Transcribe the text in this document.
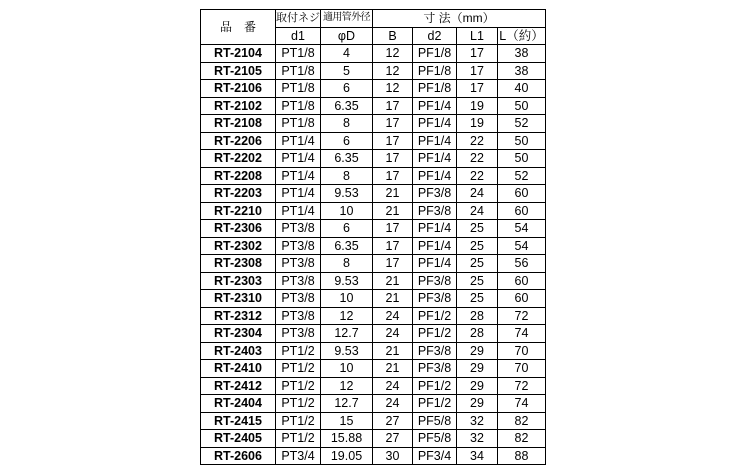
品　番	取付ネジ	適用管外径	寸 法（mm）			
	d1	φD	B	d2	L1	L（約）
RT-2104	PT1/8	4	12	PF1/8	17	38
RT-2105	PT1/8	5	12	PF1/8	17	38
RT-2106	PT1/8	6	12	PF1/8	17	40
RT-2102	PT1/8	6.35	17	PF1/4	19	50
RT-2108	PT1/8	8	17	PF1/4	19	52
RT-2206	PT1/4	6	17	PF1/4	22	50
RT-2202	PT1/4	6.35	17	PF1/4	22	50
RT-2208	PT1/4	8	17	PF1/4	22	52
RT-2203	PT1/4	9.53	21	PF3/8	24	60
RT-2210	PT1/4	10	21	PF3/8	24	60
RT-2306	PT3/8	6	17	PF1/4	25	54
RT-2302	PT3/8	6.35	17	PF1/4	25	54
RT-2308	PT3/8	8	17	PF1/4	25	56
RT-2303	PT3/8	9.53	21	PF3/8	25	60
RT-2310	PT3/8	10	21	PF3/8	25	60
RT-2312	PT3/8	12	24	PF1/2	28	72
RT-2304	PT3/8	12.7	24	PF1/2	28	74
RT-2403	PT1/2	9.53	21	PF3/8	29	70
RT-2410	PT1/2	10	21	PF3/8	29	70
RT-2412	PT1/2	12	24	PF1/2	29	72
RT-2404	PT1/2	12.7	24	PF1/2	29	74
RT-2415	PT1/2	15	27	PF5/8	32	82
RT-2405	PT1/2	15.88	27	PF5/8	32	82
RT-2606	PT3/4	19.05	30	PF3/4	34	88
